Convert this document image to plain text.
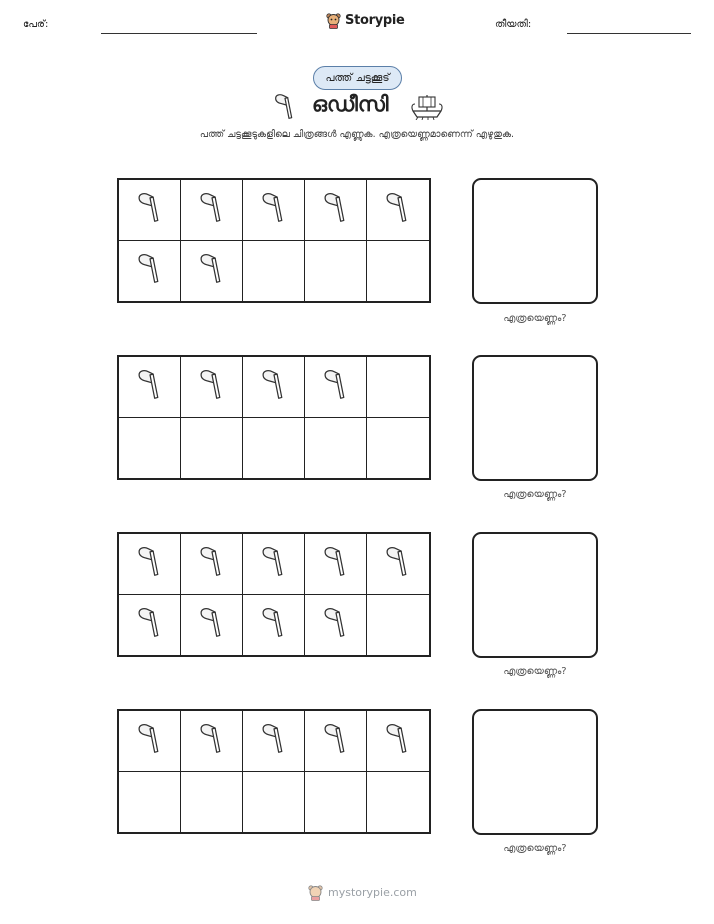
പേര്:	Storypie	തീയതി:
പത്ത് ചട്ടക്കൂട്
ഒഡീസി
പത്ത് ചട്ടക്കൂടുകളിലെ ചിത്രങ്ങൾ എണ്ണുക. എത്രയെണ്ണമാണെന്ന് എഴുതുക.
എത്രയെണ്ണം?
എത്രയെണ്ണം?
എത്രയെണ്ണം?
എത്രയെണ്ണം?
mystorypie.com
